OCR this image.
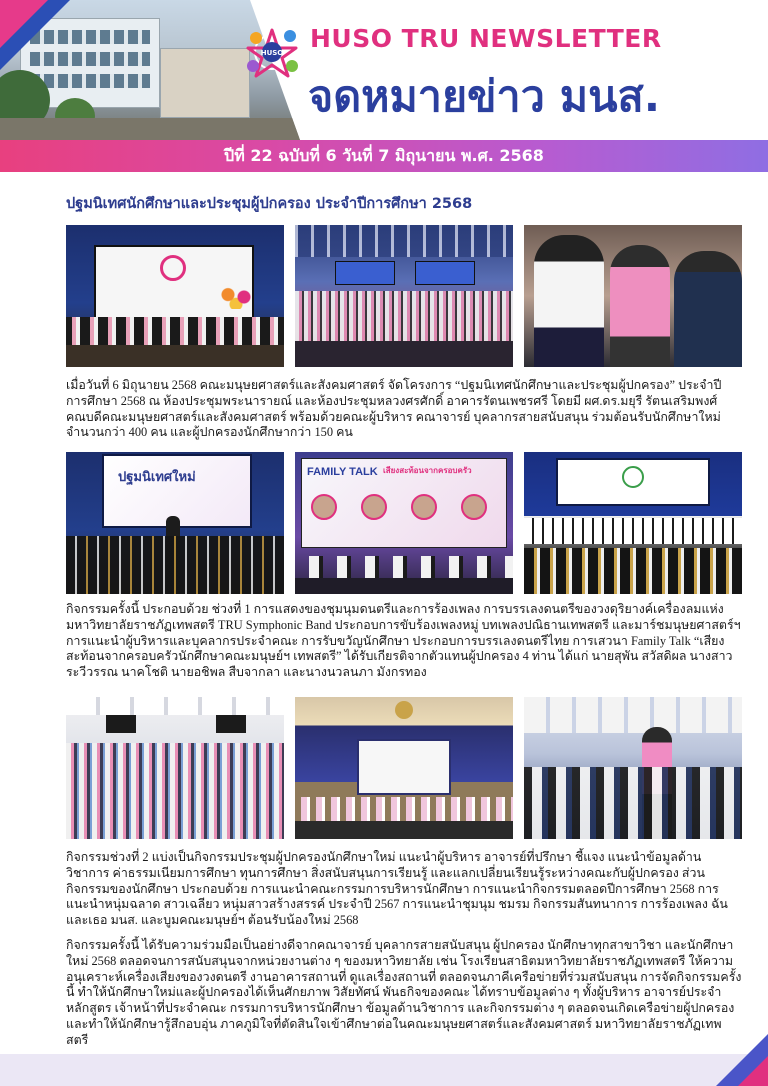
HUSO HUSO TRU NEWSLETTER
จดหมายข่าว มนส.
ปีที่ 22 ฉบับที่ 6 วันที่ 7 มิถุนายน พ.ศ. 2568
ปฐมนิเทศนักศึกษาและประชุมผู้ปกครอง ประจำปีการศึกษา 2568
เมื่อวันที่ 6 มิถุนายน 2568 คณะมนุษยศาสตร์และสังคมศาสตร์ จัดโครงการ “ปฐมนิเทศนักศึกษาและประชุมผู้ปกครอง” ประจำปีการศึกษา 2568 ณ ห้องประชุมพระนารายณ์ และห้องประชุมหลวงศรศักดิ์ อาคารรัตนเพชรศรี โดยมี ผศ.ดร.มยุรี รัตนเสริมพงศ์ คณบดีคณะมนุษยศาสตร์และสังคมศาสตร์ พร้อมด้วยคณะผู้บริหาร คณาจารย์ บุคลากรสายสนับสนุน ร่วมต้อนรับนักศึกษาใหม่ จำนวนกว่า 400 คน และผู้ปกครองนักศึกษากว่า 150 คน
ปฐมนิเทศใหม่	FAMILY TALK เสียงสะท้อนจากครอบครัว
กิจกรรมครั้งนี้ ประกอบด้วย ช่วงที่ 1 การแสดงของชุมนุมดนตรีและการร้องเพลง การบรรเลงดนตรีของวงดุริยางค์เครื่องลมแห่งมหาวิทยาลัยราชภัฏเทพสตรี TRU Symphonic Band ประกอบการขับร้องเพลงหมู่ บทเพลงปณิธานเทพสตรี และมาร์ชมนุษยศาสตร์ฯ การแนะนำผู้บริหารและบุคลากรประจำคณะ การรับขวัญนักศึกษา ประกอบการบรรเลงดนตรีไทย การเสวนา Family Talk “เสียงสะท้อนจากครอบครัวนักศึกษาคณะมนุษย์ฯ เทพสตรี” ได้รับเกียรติจากตัวแทนผู้ปกครอง 4 ท่าน ได้แก่ นายสุพัน สวัสดิผล นางสาวระวีวรรณ นาคโชติ นายอชิพล สืบจากลา และนางนวลนภา มังกรทอง
กิจกรรมช่วงที่ 2 แบ่งเป็นกิจกรรมประชุมผู้ปกครองนักศึกษาใหม่ แนะนำผู้บริหาร อาจารย์ที่ปรึกษา ชี้แจง แนะนำข้อมูลด้านวิชาการ ค่าธรรมเนียมการศึกษา ทุนการศึกษา สิ่งสนับสนุนการเรียนรู้ และแลกเปลี่ยนเรียนรู้ระหว่างคณะกับผู้ปกครอง ส่วนกิจกรรมของนักศึกษา ประกอบด้วย การแนะนำคณะกรรมการบริหารนักศึกษา การแนะนำกิจกรรมตลอดปีการศึกษา 2568 การแนะนำหนุ่มฉลาด สาวเฉลียว หนุ่มสาวสร้างสรรค์ ประจำปี 2567 การแนะนำชุมนุม ชมรม กิจกรรมสันทนาการ การร้องเพลง ฉันและเธอ มนส. และบูมคณะมนุษย์ฯ ต้อนรับน้องใหม่ 2568
กิจกรรมครั้งนี้ ได้รับความร่วมมือเป็นอย่างดีจากคณาจารย์ บุคลากรสายสนับสนุน ผู้ปกครอง นักศึกษาทุกสาขาวิชา และนักศึกษาใหม่ 2568 ตลอดจนการสนับสนุนจากหน่วยงานต่าง ๆ ของมหาวิทยาลัย เช่น โรงเรียนสาธิตมหาวิทยาลัยราชภัฏเทพสตรี ให้ความอนุเคราะห์เครื่องเสียงของวงดนตรี งานอาคารสถานที่ ดูแลเรื่องสถานที่ ตลอดจนภาคีเครือข่ายที่ร่วมสนับสนุน การจัดกิจกรรมครั้งนี้ ทำให้นักศึกษาใหม่และผู้ปกครองได้เห็นศักยภาพ วิสัยทัศน์ พันธกิจของคณะ ได้ทราบข้อมูลต่าง ๆ ทั้งผู้บริหาร อาจารย์ประจำหลักสูตร เจ้าหน้าที่ประจำคณะ กรรมการบริหารนักศึกษา ข้อมูลด้านวิชาการ และกิจกรรมต่าง ๆ ตลอดจนเกิดเครือข่ายผู้ปกครอง และทำให้นักศึกษารู้สึกอบอุ่น ภาคภูมิใจที่ตัดสินใจเข้าศึกษาต่อในคณะมนุษยศาสตร์และสังคมศาสตร์ มหาวิทยาลัยราชภัฏเทพสตรี
